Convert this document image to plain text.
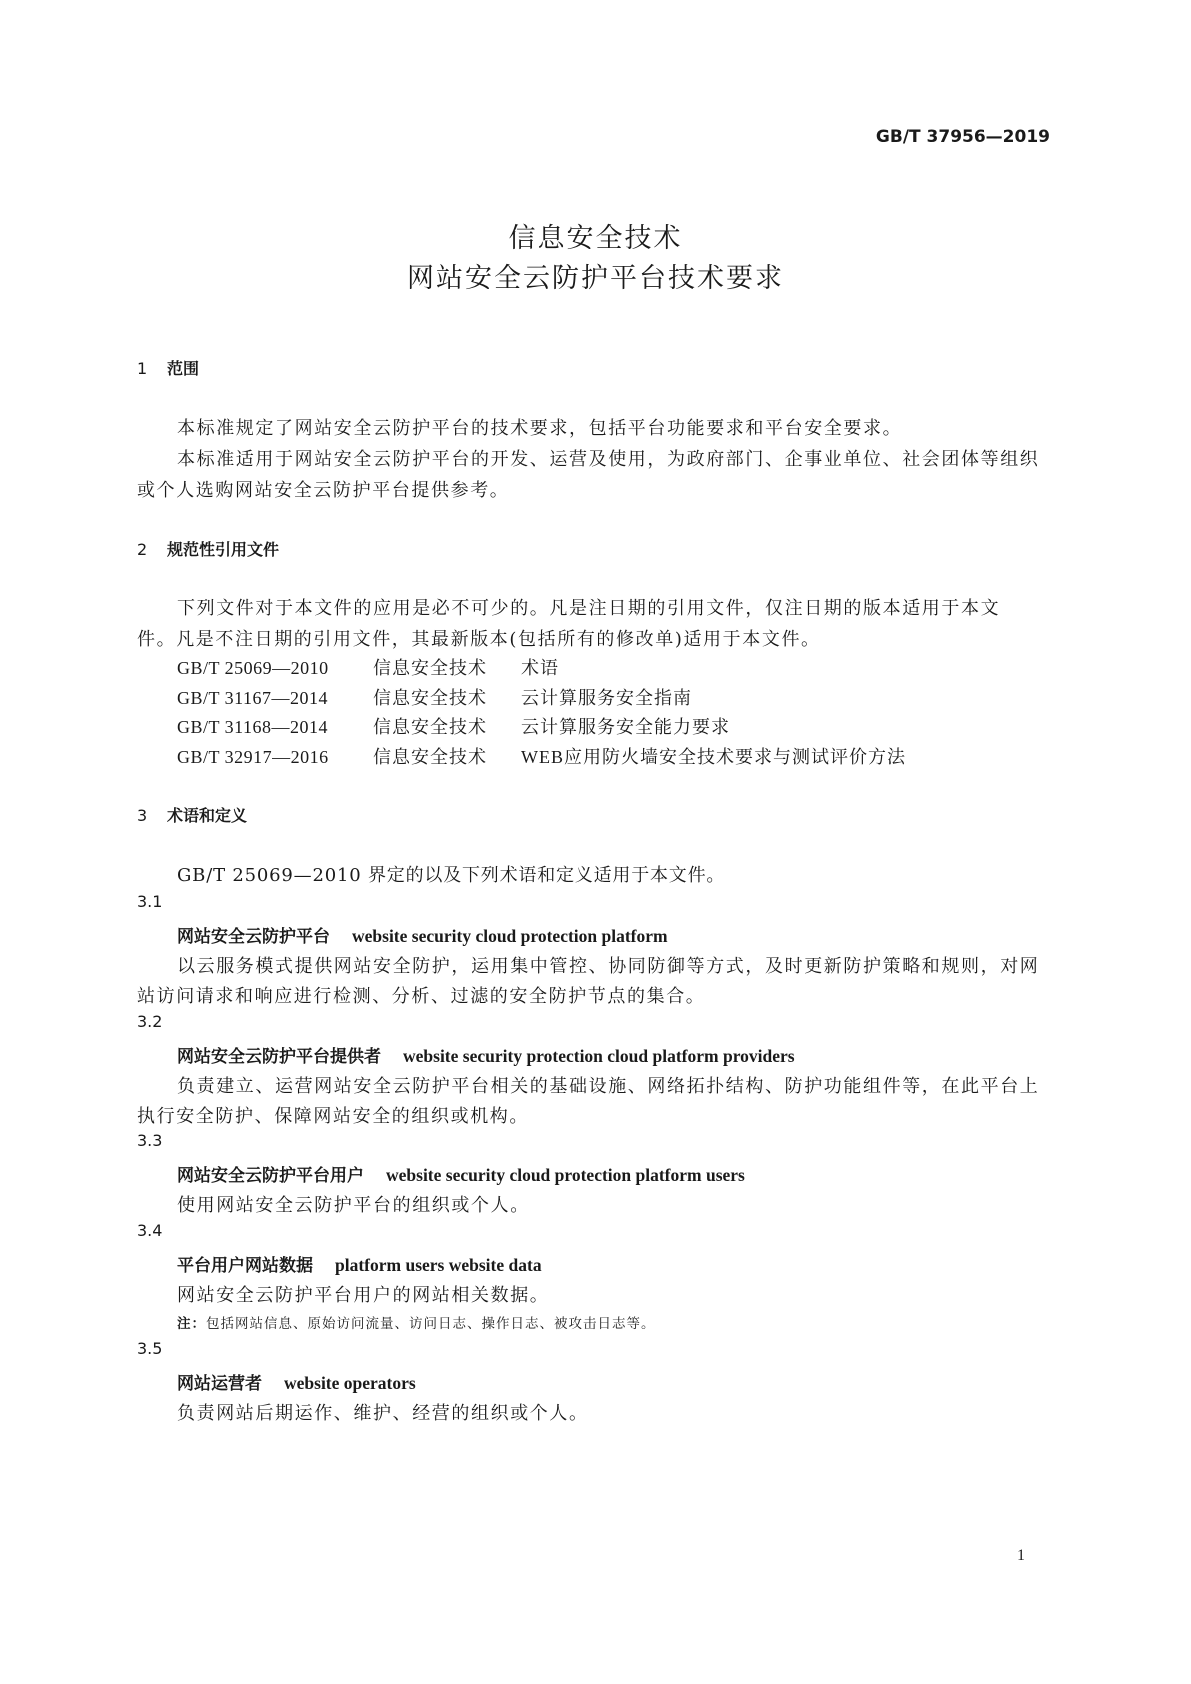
GB/T 37956—2019
信息安全技术
网站安全云防护平台技术要求
1 范围
本标准规定了网站安全云防护平台的技术要求，包括平台功能要求和平台安全要求。
本标准适用于网站安全云防护平台的开发、运营及使用，为政府部门、企事业单位、社会团体等组织
或个人选购网站安全云防护平台提供参考。
2 规范性引用文件
下列文件对于本文件的应用是必不可少的。凡是注日期的引用文件，仅注日期的版本适用于本文
件。凡是不注日期的引用文件，其最新版本(包括所有的修改单)适用于本文件。
GB/T 25069—2010 信息安全技术 术语
GB/T 31167—2014 信息安全技术 云计算服务安全指南
GB/T 31168—2014 信息安全技术 云计算服务安全能力要求
GB/T 32917—2016 信息安全技术 WEB应用防火墙安全技术要求与测试评价方法
3 术语和定义
GB/T 25069—2010 界定的以及下列术语和定义适用于本文件。
3.1
网站安全云防护平台 website security cloud protection platform
以云服务模式提供网站安全防护，运用集中管控、协同防御等方式，及时更新防护策略和规则，对网
站访问请求和响应进行检测、分析、过滤的安全防护节点的集合。
3.2
网站安全云防护平台提供者 website security protection cloud platform providers
负责建立、运营网站安全云防护平台相关的基础设施、网络拓扑结构、防护功能组件等，在此平台上
执行安全防护、保障网站安全的组织或机构。
3.3
网站安全云防护平台用户 website security cloud protection platform users
使用网站安全云防护平台的组织或个人。
3.4
平台用户网站数据 platform users website data
网站安全云防护平台用户的网站相关数据。
注：包括网站信息、原始访问流量、访问日志、操作日志、被攻击日志等。
3.5
网站运营者 website operators
负责网站后期运作、维护、经营的组织或个人。
1
